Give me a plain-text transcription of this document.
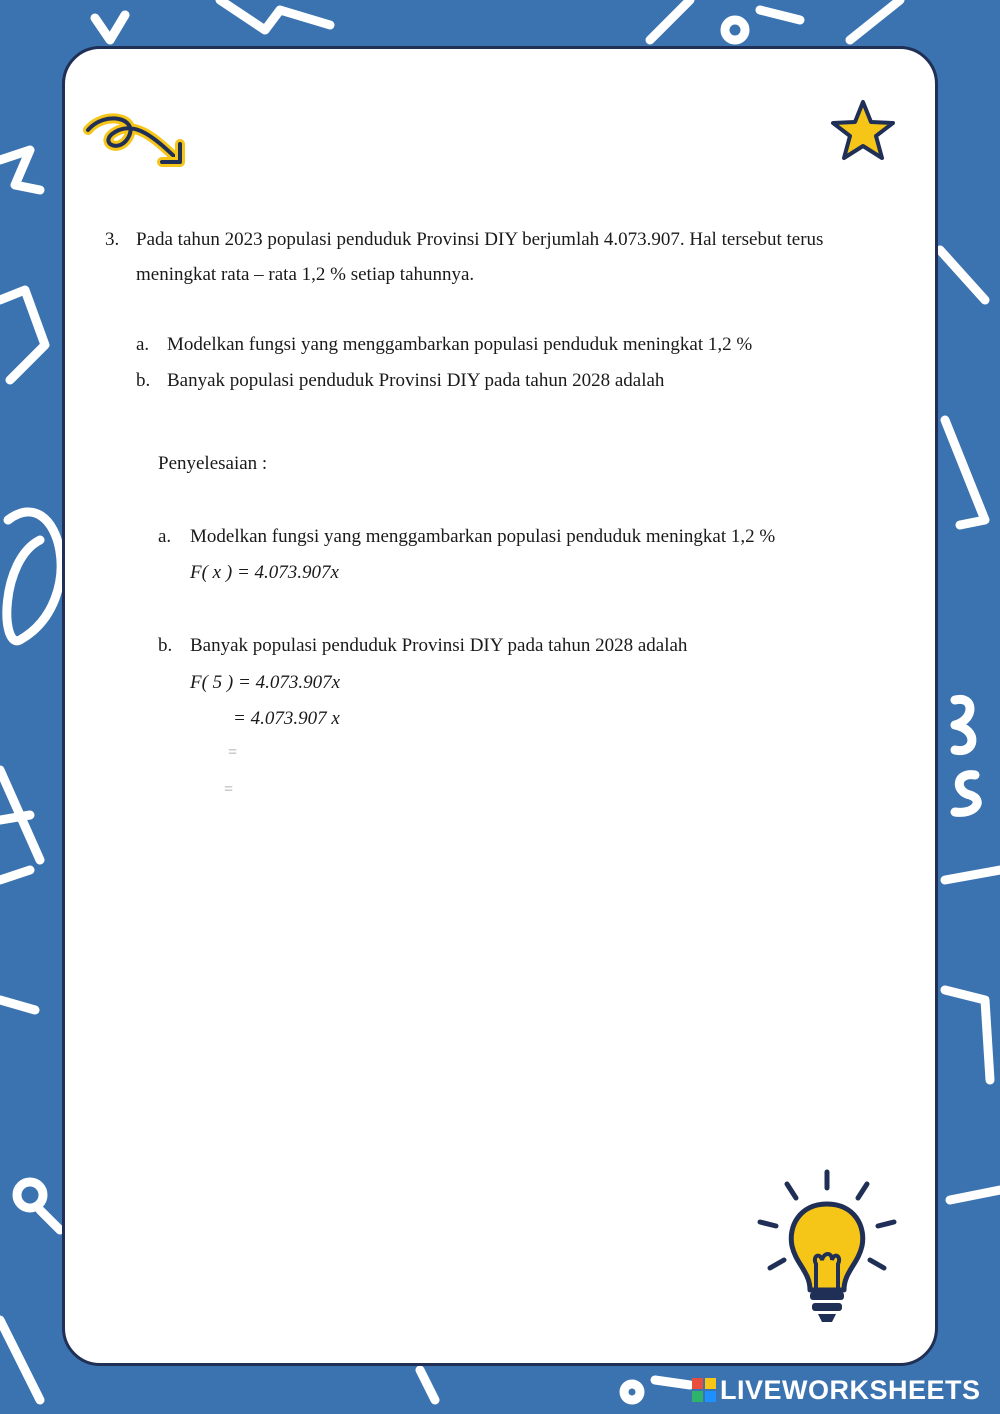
3. Pada tahun 2023 populasi penduduk Provinsi DIY berjumlah 4.073.907. Hal tersebut terus
meningkat rata – rata 1,2 % setiap tahunnya.
a. Modelkan fungsi yang menggambarkan populasi penduduk meningkat 1,2 %
b. Banyak populasi penduduk Provinsi DIY pada tahun 2028 adalah
Penyelesaian :
a. Modelkan fungsi yang menggambarkan populasi penduduk meningkat 1,2 %
F( x ) = 4.073.907x
b. Banyak populasi penduduk Provinsi DIY pada tahun 2028 adalah
F( 5 ) = 4.073.907x
= 4.073.907 x
=
=
LIVEWORKSHEETS
